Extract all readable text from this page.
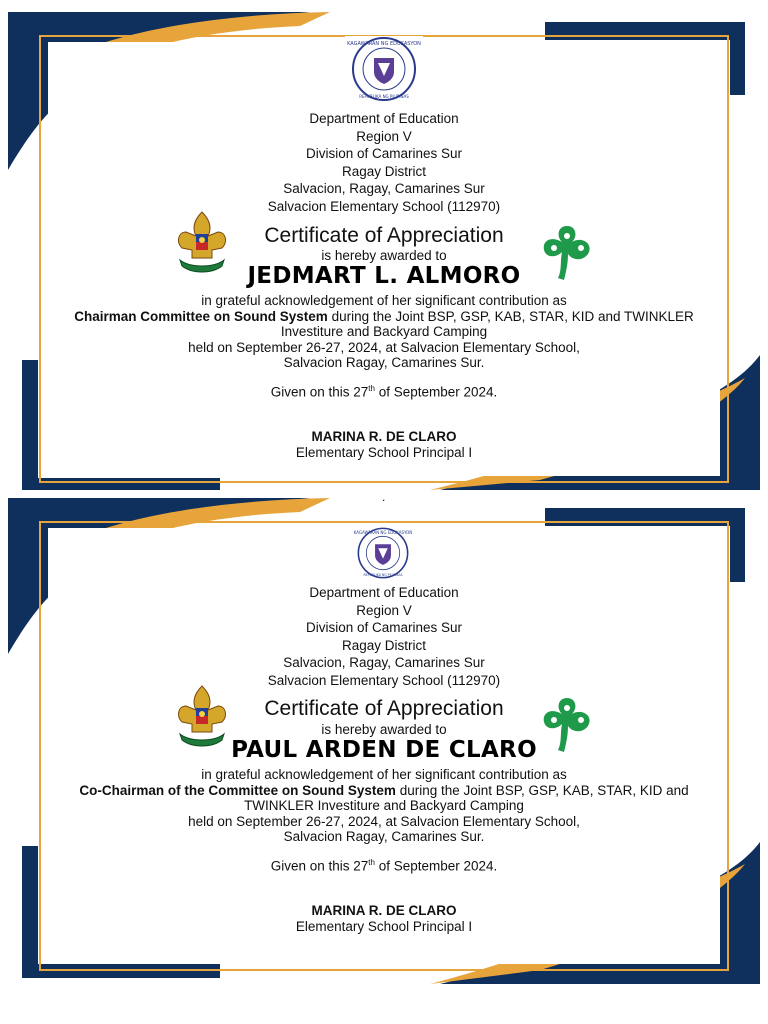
KAGAWARAN NG EDUKASYON
REPUBLIKA NG PILIPINAS
Department of Education
Region V
Division of Camarines Sur
Ragay District
Salvacion, Ragay, Camarines Sur
Salvacion Elementary School (112970)
Certificate of Appreciation
is hereby awarded to
JEDMART L. ALMORO
in grateful acknowledgement of her significant contribution as
Chairman Committee on Sound System during the Joint BSP, GSP, KAB, STAR, KID and TWINKLER Investiture and Backyard Camping
held on September 26-27, 2024, at Salvacion Elementary School,
Salvacion Ragay, Camarines Sur.
Given on this 27th of September 2024.
MARINA R. DE CLARO
Elementary School Principal I
.
KAGAWARAN NG EDUKASYON
REPUBLIKA NG PILIPINAS
Department of Education
Region V
Division of Camarines Sur
Ragay District
Salvacion, Ragay, Camarines Sur
Salvacion Elementary School (112970)
Certificate of Appreciation
is hereby awarded to
PAUL ARDEN DE CLARO
in grateful acknowledgement of her significant contribution as
Co-Chairman of the Committee on Sound System during the Joint BSP, GSP, KAB, STAR, KID and TWINKLER Investiture and Backyard Camping
held on September 26-27, 2024, at Salvacion Elementary School,
Salvacion Ragay, Camarines Sur.
Given on this 27th of September 2024.
MARINA R. DE CLARO
Elementary School Principal I
